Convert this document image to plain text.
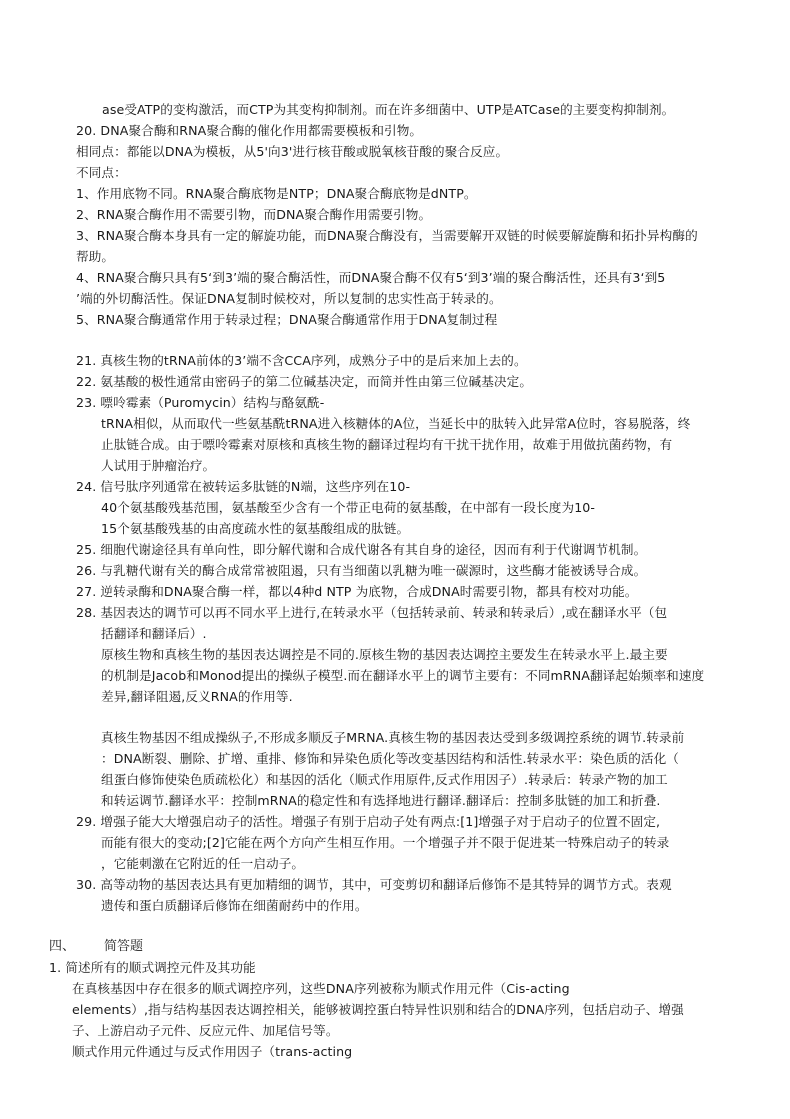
ase受ATP的变构激活，而CTP为其变构抑制剂。而在许多细菌中、UTP是ATCase的主要变构抑制剂。
20. DNA聚合酶和RNA聚合酶的催化作用都需要模板和引物。
相同点：都能以DNA为模板，从5'向3'进行核苷酸或脱氧核苷酸的聚合反应。
不同点：
1、作用底物不同。RNA聚合酶底物是NTP；DNA聚合酶底物是dNTP。
2、RNA聚合酶作用不需要引物，而DNA聚合酶作用需要引物。
3、RNA聚合酶本身具有一定的解旋功能，而DNA聚合酶没有，当需要解开双链的时候要解旋酶和拓扑异构酶的
帮助。
4、RNA聚合酶只具有5‘到3’端的聚合酶活性，而DNA聚合酶不仅有5‘到3’端的聚合酶活性，还具有3‘到5
’端的外切酶活性。保证DNA复制时候校对，所以复制的忠实性高于转录的。
5、RNA聚合酶通常作用于转录过程；DNA聚合酶通常作用于DNA复制过程
21. 真核生物的tRNA前体的3’端不含CCA序列，成熟分子中的是后来加上去的。
22. 氨基酸的极性通常由密码子的第二位碱基决定，而简并性由第三位碱基决定。
23. 嘌呤霉素（Puromycin）结构与酪氨酰-
tRNA相似，从而取代一些氨基酰tRNA进入核糖体的A位，当延长中的肽转入此异常A位时，容易脱落，终
止肽链合成。由于嘌呤霉素对原核和真核生物的翻译过程均有干扰干扰作用，故难于用做抗菌药物，有
人试用于肿瘤治疗。
24. 信号肽序列通常在被转运多肽链的N端，这些序列在10-
40个氨基酸残基范围，氨基酸至少含有一个带正电荷的氨基酸，在中部有一段长度为10-
15个氨基酸残基的由高度疏水性的氨基酸组成的肽链。
25. 细胞代谢途径具有单向性，即分解代谢和合成代谢各有其自身的途径，因而有利于代谢调节机制。
26. 与乳糖代谢有关的酶合成常常被阻遏，只有当细菌以乳糖为唯一碳源时，这些酶才能被诱导合成。
27. 逆转录酶和DNA聚合酶一样，都以4种d NTP 为底物，合成DNA时需要引物，都具有校对功能。
28. 基因表达的调节可以再不同水平上进行,在转录水平（包括转录前、转录和转录后）,或在翻译水平（包
括翻译和翻译后）.
原核生物和真核生物的基因表达调控是不同的.原核生物的基因表达调控主要发生在转录水平上.最主要
的机制是Jacob和Monod提出的操纵子模型.而在翻译水平上的调节主要有：不同mRNA翻译起始频率和速度
差异,翻译阻遏,反义RNA的作用等.
真核生物基因不组成操纵子,不形成多顺反子MRNA.真核生物的基因表达受到多级调控系统的调节.转录前
：DNA断裂、删除、扩增、重排、修饰和异染色质化等改变基因结构和活性.转录水平：染色质的活化（
组蛋白修饰使染色质疏松化）和基因的活化（顺式作用原件,反式作用因子）.转录后：转录产物的加工
和转运调节.翻译水平：控制mRNA的稳定性和有选择地进行翻译.翻译后：控制多肽链的加工和折叠.
29. 增强子能大大增强启动子的活性。增强子有别于启动子处有两点:[1]增强子对于启动子的位置不固定,
而能有很大的变动;[2]它能在两个方向产生相互作用。一个增强子并不限于促进某一特殊启动子的转录
，它能刺激在它附近的任一启动子。
30. 高等动物的基因表达具有更加精细的调节，其中，可变剪切和翻译后修饰不是其特异的调节方式。表观
遗传和蛋白质翻译后修饰在细菌耐药中的作用。
四、 简答题
1. 简述所有的顺式调控元件及其功能
在真核基因中存在很多的顺式调控序列，这些DNA序列被称为顺式作用元件（Cis-acting
elements）,指与结构基因表达调控相关，能够被调控蛋白特异性识别和结合的DNA序列，包括启动子、增强
子、上游启动子元件、反应元件、加尾信号等。
顺式作用元件通过与反式作用因子（trans-acting
